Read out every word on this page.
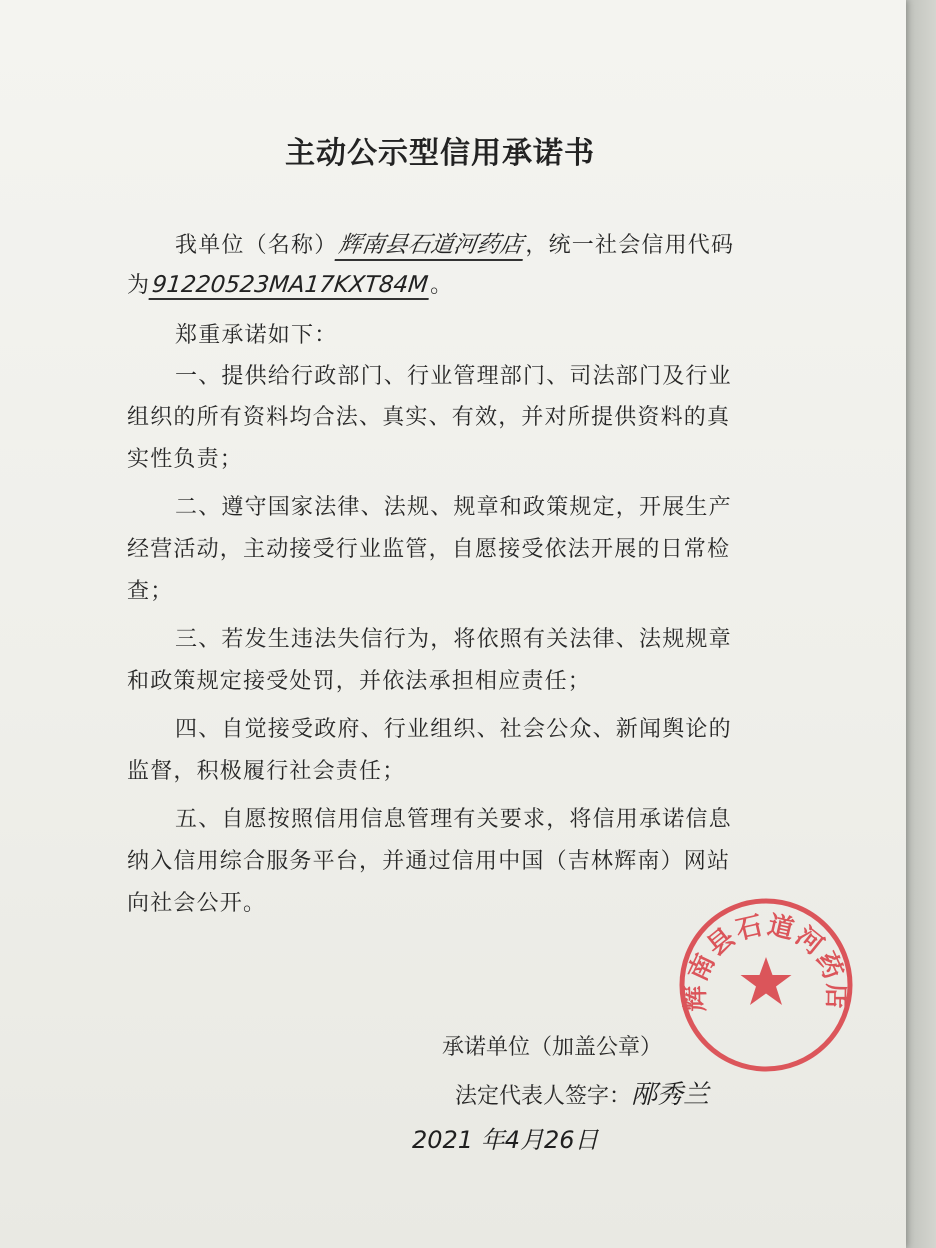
主动公示型信用承诺书
我单位（名称）辉南县石道河药店，统一社会信用代码
为91220523MA17KXT84M。
郑重承诺如下：
一、提供给行政部门、行业管理部门、司法部门及行业
组织的所有资料均合法、真实、有效，并对所提供资料的真
实性负责；
二、遵守国家法律、法规、规章和政策规定，开展生产
经营活动，主动接受行业监管，自愿接受依法开展的日常检
查；
三、若发生违法失信行为，将依照有关法律、法规规章
和政策规定接受处罚，并依法承担相应责任；
四、自觉接受政府、行业组织、社会公众、新闻舆论的
监督，积极履行社会责任；
五、自愿按照信用信息管理有关要求，将信用承诺信息
纳入信用综合服务平台，并通过信用中国（吉林辉南）网站
向社会公开。
承诺单位（加盖公章）
法定代表人签字：邴秀兰
2021 年4月26日
辉南县石道河药店
